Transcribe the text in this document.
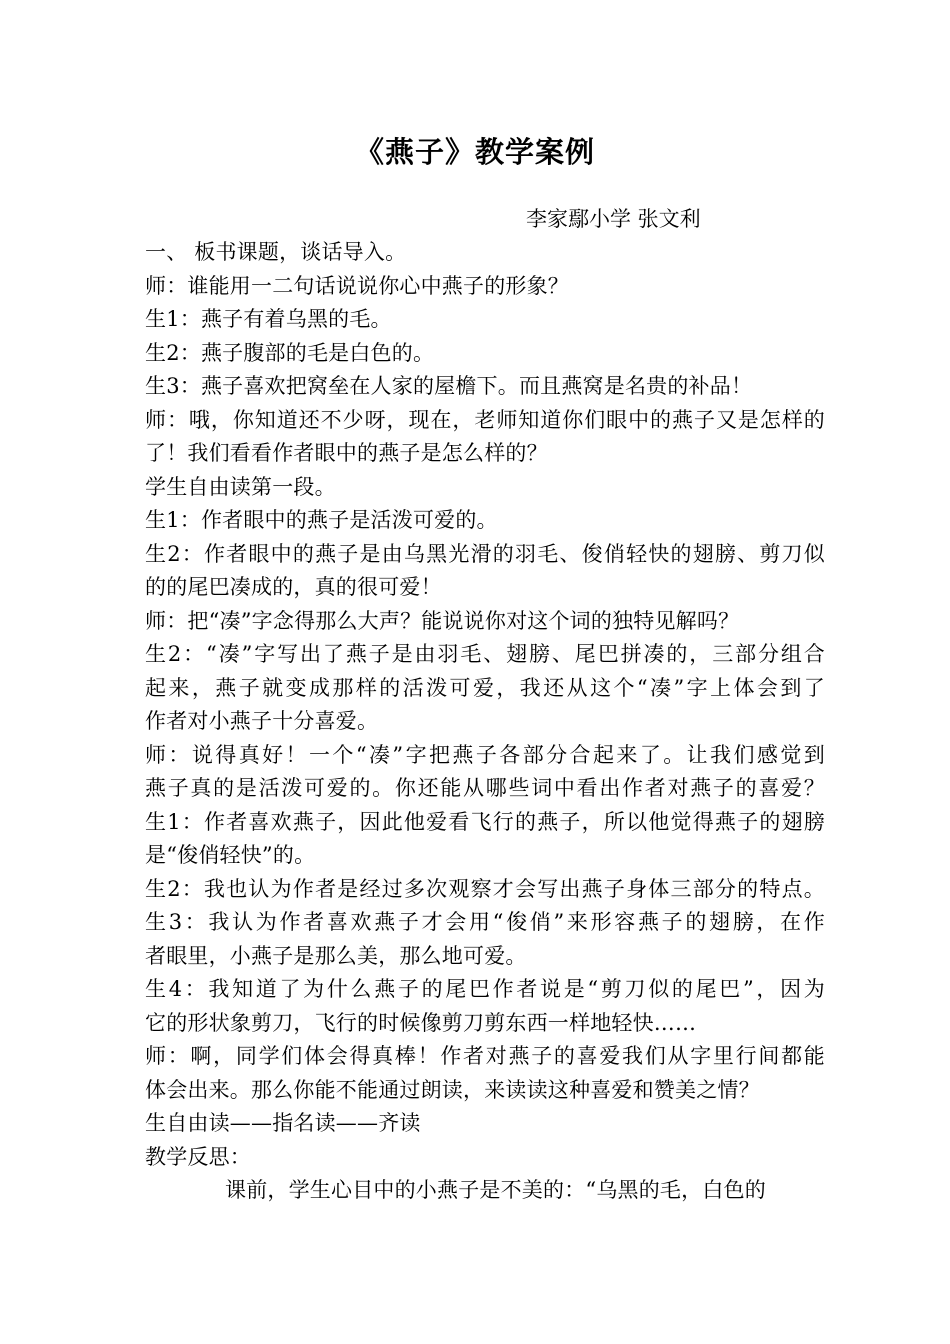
《燕子》教学案例
李家鄢小学 张文利
一、 板书课题，谈话导入。
师：谁能用一二句话说说你心中燕子的形象？
生1：燕子有着乌黑的毛。
生2：燕子腹部的毛是白色的。
生3：燕子喜欢把窝垒在人家的屋檐下。而且燕窝是名贵的补品！
师：哦，你知道还不少呀，现在，老师知道你们眼中的燕子又是怎样的
了！我们看看作者眼中的燕子是怎么样的？
学生自由读第一段。
生1：作者眼中的燕子是活泼可爱的。
生2：作者眼中的燕子是由乌黑光滑的羽毛、俊俏轻快的翅膀、剪刀似
的的尾巴凑成的，真的很可爱！
师：把“凑”字念得那么大声？能说说你对这个词的独特见解吗？
生2：“凑”字写出了燕子是由羽毛、翅膀、尾巴拼凑的，三部分组合
起来，燕子就变成那样的活泼可爱，我还从这个“凑”字上体会到了
作者对小燕子十分喜爱。
师：说得真好！一个“凑”字把燕子各部分合起来了。让我们感觉到
燕子真的是活泼可爱的。你还能从哪些词中看出作者对燕子的喜爱？
生1：作者喜欢燕子，因此他爱看飞行的燕子，所以他觉得燕子的翅膀
是“俊俏轻快”的。
生2：我也认为作者是经过多次观察才会写出燕子身体三部分的特点。
生3：我认为作者喜欢燕子才会用“俊俏”来形容燕子的翅膀，在作
者眼里，小燕子是那么美，那么地可爱。
生4：我知道了为什么燕子的尾巴作者说是“剪刀似的尾巴”，因为
它的形状象剪刀，飞行的时候像剪刀剪东西一样地轻快……
师：啊，同学们体会得真棒！作者对燕子的喜爱我们从字里行间都能
体会出来。那么你能不能通过朗读，来读读这种喜爱和赞美之情？
生自由读——指名读——齐读
教学反思：
课前，学生心目中的小燕子是不美的：“乌黑的毛，白色的
